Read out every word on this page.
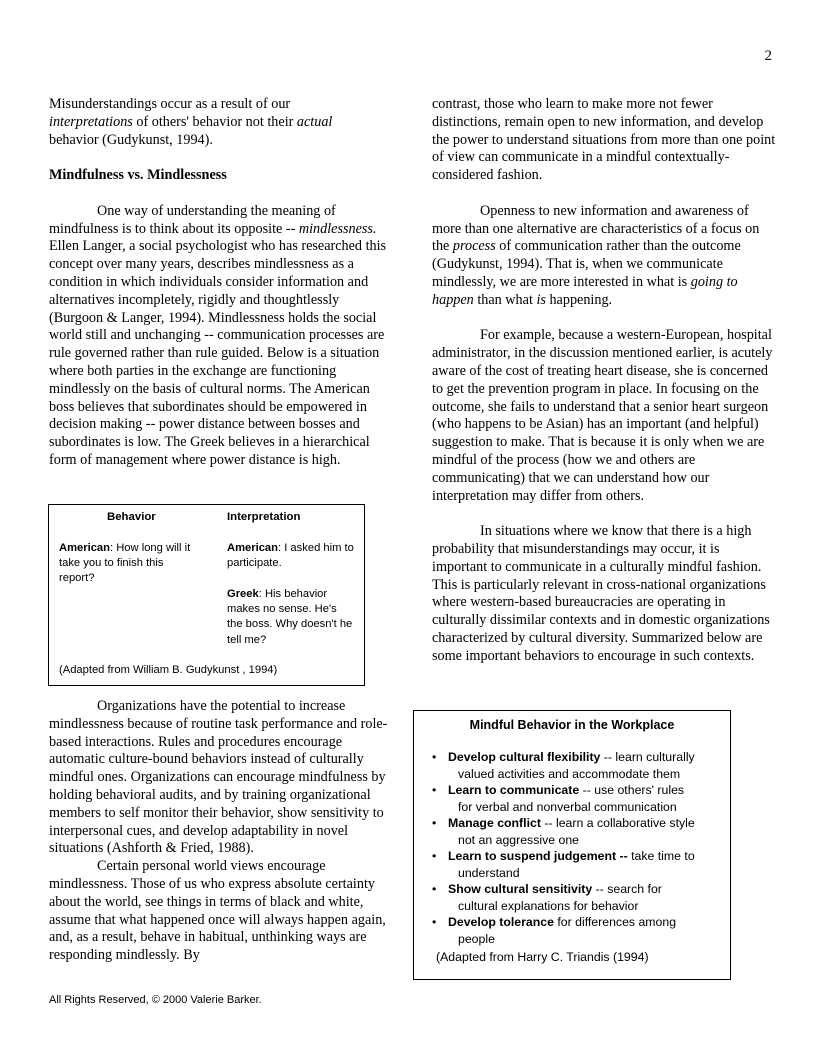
2

Misunderstandings occur as a result of our
interpretations of others' behavior not their actual
behavior (Gudykunst, 1994).

Mindfulness vs. Mindlessness

One way of understanding the meaning of mindfulness is to think about its opposite -- mindlessness. Ellen Langer, a social psychologist who has researched this concept over many years, describes mindlessness as a condition in which individuals consider information and alternatives incompletely, rigidly and thoughtlessly (Burgoon & Langer, 1994). Mindlessness holds the social world still and unchanging -- communication processes are rule governed rather than rule guided. Below is a situation where both parties in the exchange are functioning mindlessly on the basis of cultural norms. The American boss believes that subordinates should be empowered in decision making -- power distance between bosses and subordinates is low. The Greek believes in a hierarchical form of management where power distance is high.

Behavior	Interpretation
American: How long will it take you to finish this report?
American: I asked him to participate.
Greek: His behavior makes no sense. He's the boss. Why doesn't he tell me?
(Adapted from William B. Gudykunst , 1994)

Organizations have the potential to increase mindlessness because of routine task performance and role-based interactions. Rules and procedures encourage automatic culture-bound behaviors instead of culturally mindful ones. Organizations can encourage mindfulness by holding behavioral audits, and by training organizational members to self monitor their behavior, show sensitivity to interpersonal cues, and develop adaptability in novel situations (Ashforth & Fried, 1988).

Certain personal world views encourage mindlessness. Those of us who express absolute certainty about the world, see things in terms of black and white, assume that what happened once will always happen again, and, as a result, behave in habitual, unthinking ways are responding mindlessly. By

contrast, those who learn to make more not fewer distinctions, remain open to new information, and develop the power to understand situations from more than one point of view can communicate in a mindful contextually-considered fashion.

Openness to new information and awareness of more than one alternative are characteristics of a focus on the process of communication rather than the outcome (Gudykunst, 1994). That is, when we communicate mindlessly, we are more interested in what is going to happen than what is happening.

For example, because a western-European, hospital administrator, in the discussion mentioned earlier, is acutely aware of the cost of treating heart disease, she is concerned to get the prevention program in place. In focusing on the outcome, she fails to understand that a senior heart surgeon (who happens to be Asian) has an important (and helpful) suggestion to make. That is because it is only when we are mindful of the process (how we and others are communicating) that we can understand how our interpretation may differ from others.

In situations where we know that there is a high probability that misunderstandings may occur, it is important to communicate in a culturally mindful fashion. This is particularly relevant in cross-national organizations where western-based bureaucracies are operating in culturally dissimilar contexts and in domestic organizations characterized by cultural diversity. Summarized below are some important behaviors to encourage in such contexts.

Mindful Behavior in the Workplace
• Develop cultural flexibility -- learn culturally
valued activities and accommodate them
• Learn to communicate -- use others' rules
for verbal and nonverbal communication
• Manage conflict -- learn a collaborative style
not an aggressive one
• Learn to suspend judgement -- take time to
understand
• Show cultural sensitivity -- search for
cultural explanations for behavior
• Develop tolerance for differences among
people
(Adapted from Harry C. Triandis (1994)
All Rights Reserved, © 2000 Valerie Barker.
